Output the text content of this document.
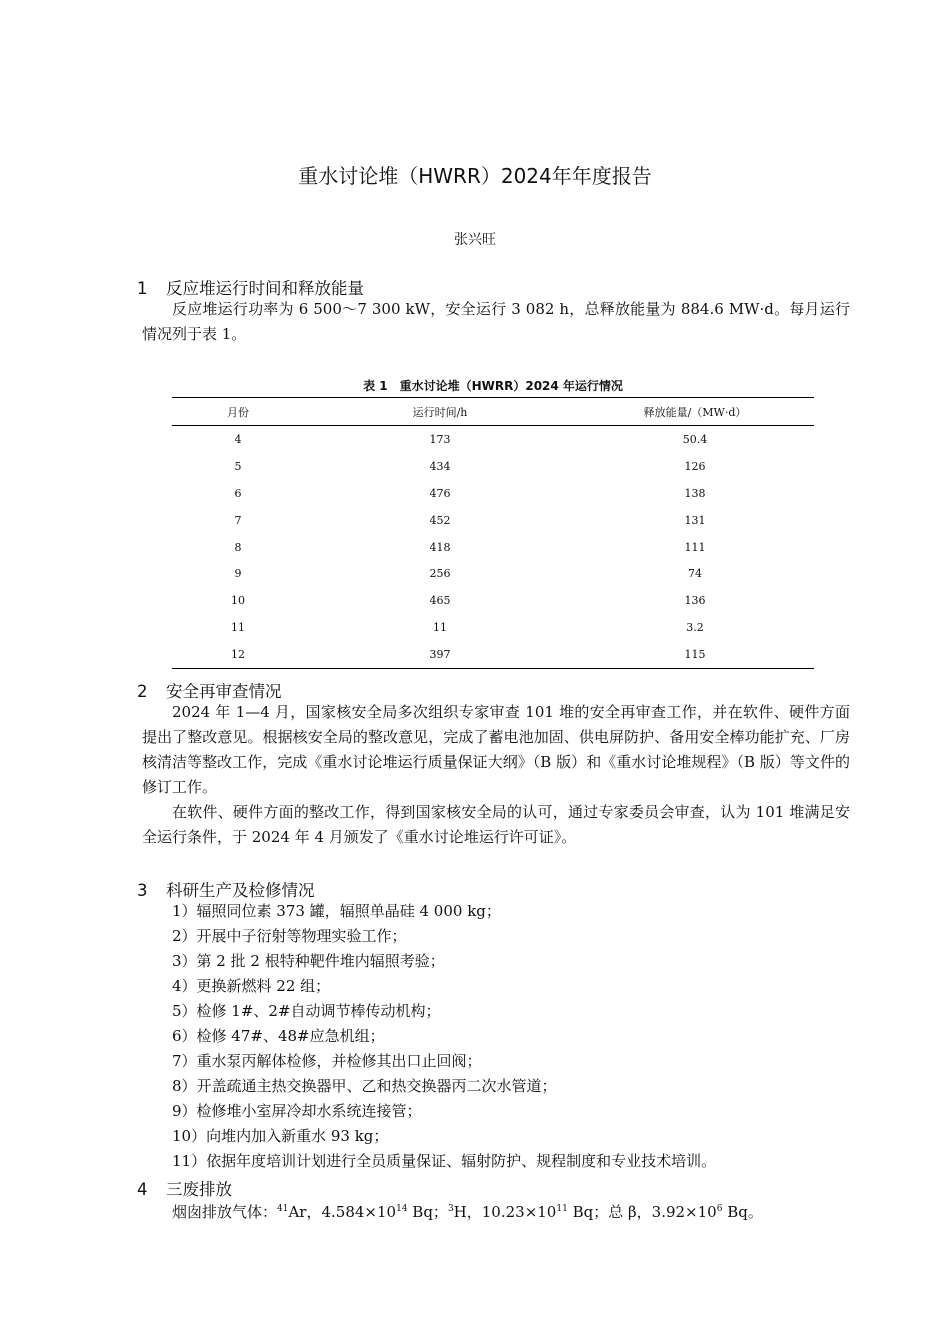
重水讨论堆（HWRR）2024年年度报告
张兴旺
1 反应堆运行时间和释放能量
反应堆运行功率为 6 500～7 300 kW，安全运行 3 082 h，总释放能量为 884.6 MW·d。每月运行情况列于表 1。
表 1　重水讨论堆（HWRR）2024 年运行情况
月份	运行时间/h	释放能量/（MW·d）
4	173	50.4
5	434	126
6	476	138
7	452	131
8	418	111
9	256	74
10	465	136
11	11	3.2
12	397	115
2 安全再审查情况
2024 年 1—4 月，国家核安全局多次组织专家审查 101 堆的安全再审查工作，并在软件、硬件方面提出了整改意见。根据核安全局的整改意见，完成了蓄电池加固、供电屏防护、备用安全棒功能扩充、厂房核清洁等整改工作，完成《重水讨论堆运行质量保证大纲》（B 版）和《重水讨论堆规程》（B 版）等文件的修订工作。
在软件、硬件方面的整改工作，得到国家核安全局的认可，通过专家委员会审查，认为 101 堆满足安全运行条件，于 2024 年 4 月颁发了《重水讨论堆运行许可证》。
3 科研生产及检修情况
1）辐照同位素 373 罐，辐照单晶硅 4 000 kg；
2）开展中子衍射等物理实验工作；
3）第 2 批 2 根特种靶件堆内辐照考验；
4）更换新燃料 22 组；
5）检修 1#、2#自动调节棒传动机构；
6）检修 47#、48#应急机组；
7）重水泵丙解体检修，并检修其出口止回阀；
8）开盖疏通主热交换器甲、乙和热交换器丙二次水管道；
9）检修堆小室屏冷却水系统连接管；
10）向堆内加入新重水 93 kg；
11）依据年度培训计划进行全员质量保证、辐射防护、规程制度和专业技术培训。
4 三废排放
烟囱排放气体：$^{41}$Ar，$4.584\times 10^{14}$ Bq；$^3$H，$10.23\times 10^{11}$ Bq；总 β，$3.92\times 10^6$ Bq。
